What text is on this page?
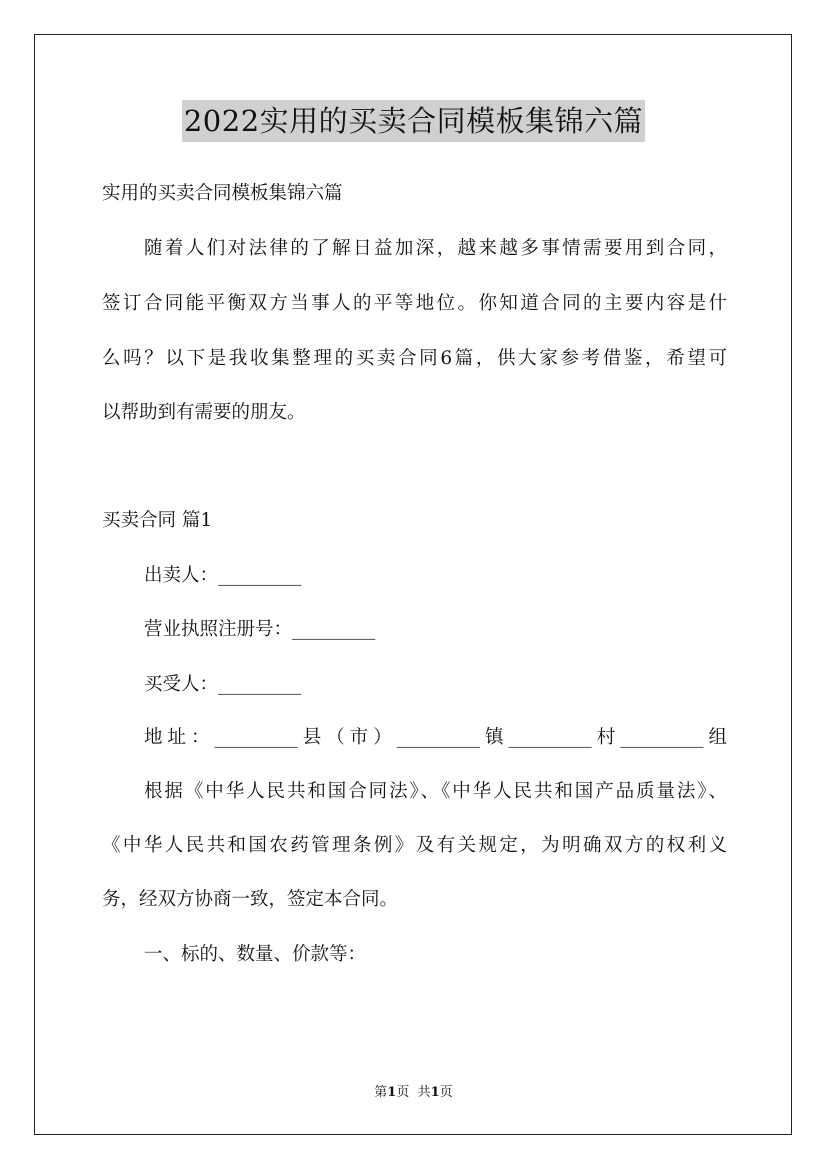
2022实用的买卖合同模板集锦六篇
实用的买卖合同模板集锦六篇
随着人们对法律的了解日益加深，越来越多事情需要用到合同，
签订合同能平衡双方当事人的平等地位。你知道合同的主要内容是什
么吗？以下是我收集整理的买卖合同6篇，供大家参考借鉴，希望可
以帮助到有需要的朋友。
买卖合同 篇1
出卖人：_________
营业执照注册号：_________
买受人：_________
地址：_________县（市）_________镇_________村_________组
根据《中华人民共和国合同法》、《中华人民共和国产品质量法》、
《中华人民共和国农药管理条例》及有关规定，为明确双方的权利义
务，经双方协商一致，签定本合同。
一、标的、数量、价款等：
第1页 共1页
